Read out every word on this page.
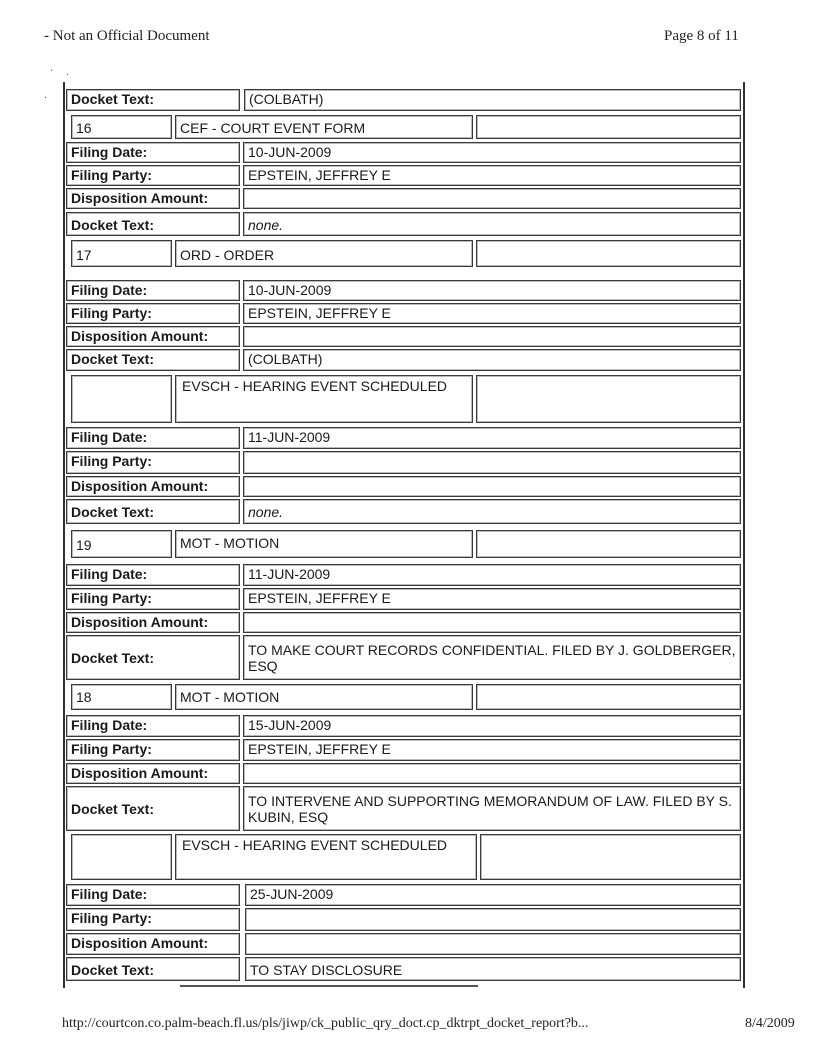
- Not an Official Document	Page 8 of 11
·
·
·
Docket Text:	(COLBATH)
16	CEF - COURT EVENT FORM
Filing Date:	10-JUN-2009
Filing Party:	EPSTEIN, JEFFREY E
Disposition Amount:
Docket Text:	none.
17	ORD - ORDER
Filing Date:	10-JUN-2009
Filing Party:	EPSTEIN, JEFFREY E
Disposition Amount:
Docket Text:	(COLBATH)
EVSCH - HEARING EVENT SCHEDULED
Filing Date:	11-JUN-2009
Filing Party:
Disposition Amount:
Docket Text:	none.
19	MOT - MOTION
Filing Date:	11-JUN-2009
Filing Party:	EPSTEIN, JEFFREY E
Disposition Amount:
Docket Text:	TO MAKE COURT RECORDS CONFIDENTIAL. FILED BY J. GOLDBERGER, ESQ
18	MOT - MOTION
Filing Date:	15-JUN-2009
Filing Party:	EPSTEIN, JEFFREY E
Disposition Amount:
Docket Text:	TO INTERVENE AND SUPPORTING MEMORANDUM OF LAW. FILED BY S. KUBIN, ESQ
EVSCH - HEARING EVENT SCHEDULED
Filing Date:	25-JUN-2009
Filing Party:
Disposition Amount:
Docket Text:	TO STAY DISCLOSURE
http://courtcon.co.palm-beach.fl.us/pls/jiwp/ck_public_qry_doct.cp_dktrpt_docket_report?b...	8/4/2009
